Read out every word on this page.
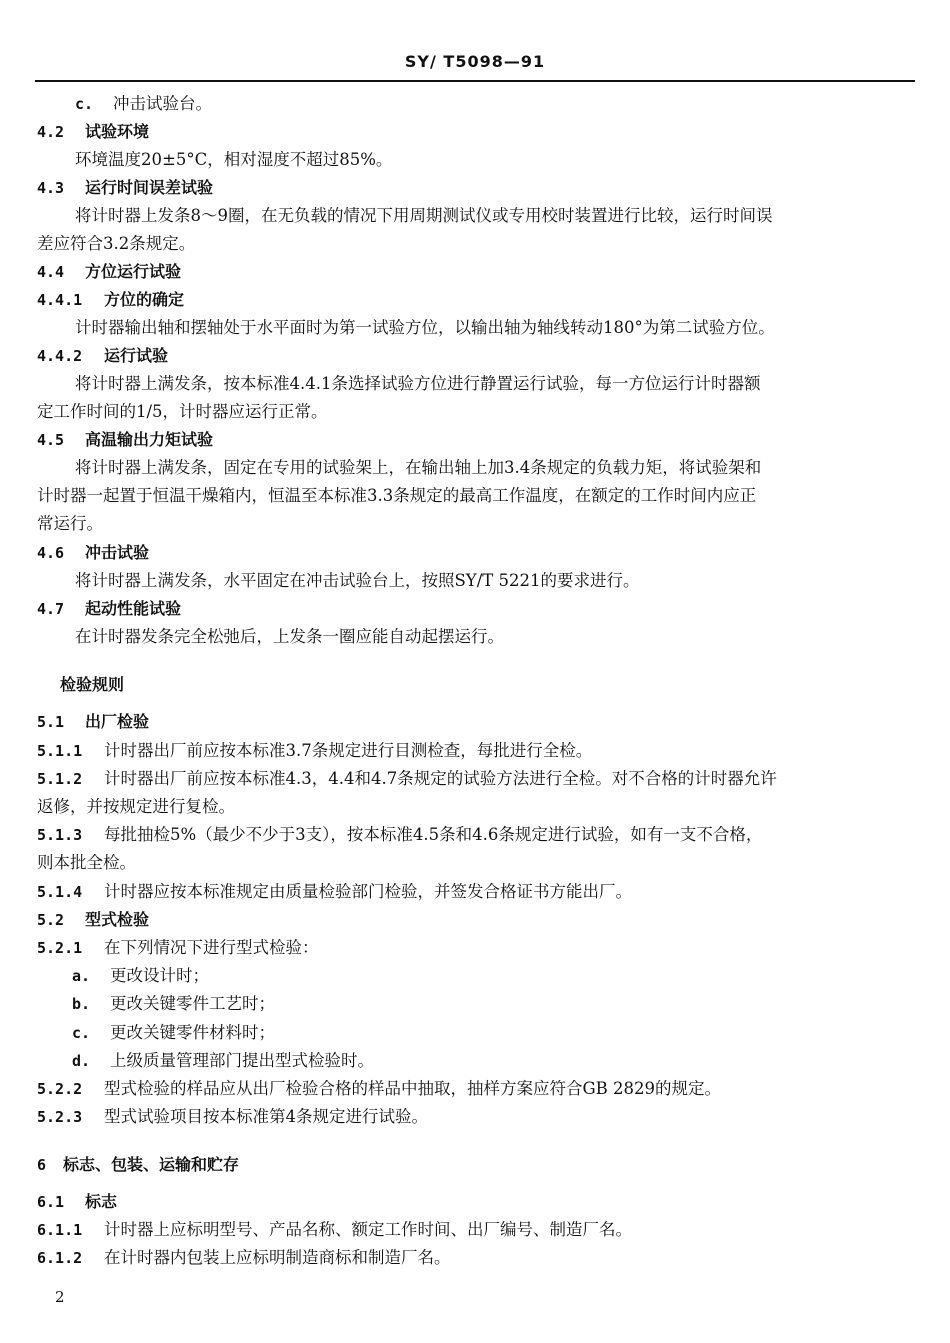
SY/ T5098—91
c. 冲击试验台。
4.2 试验环境
环境温度20±5°C，相对湿度不超过85%。
4.3 运行时间误差试验
将计时器上发条8～9圈，在无负载的情况下用周期测试仪或专用校时装置进行比较，运行时间误
差应符合3.2条规定。
4.4 方位运行试验
4.4.1 方位的确定
计时器输出轴和摆轴处于水平面时为第一试验方位，以输出轴为轴线转动180°为第二试验方位。
4.4.2 运行试验
将计时器上满发条，按本标准4.4.1条选择试验方位进行静置运行试验，每一方位运行计时器额
定工作时间的1/5，计时器应运行正常。
4.5 高温输出力矩试验
将计时器上满发条，固定在专用的试验架上，在输出轴上加3.4条规定的负载力矩，将试验架和
计时器一起置于恒温干燥箱内，恒温至本标准3.3条规定的最高工作温度，在额定的工作时间内应正
常运行。
4.6 冲击试验
将计时器上满发条，水平固定在冲击试验台上，按照SY/T 5221的要求进行。
4.7 起动性能试验
在计时器发条完全松弛后，上发条一圈应能自动起摆运行。
检验规则
5.1 出厂检验
5.1.1 计时器出厂前应按本标准3.7条规定进行目测检查，每批进行全检。
5.1.2 计时器出厂前应按本标准4.3，4.4和4.7条规定的试验方法进行全检。对不合格的计时器允许
返修，并按规定进行复检。
5.1.3 每批抽检5%（最少不少于3支），按本标准4.5条和4.6条规定进行试验，如有一支不合格，
则本批全检。
5.1.4 计时器应按本标准规定由质量检验部门检验，并签发合格证书方能出厂。
5.2 型式检验
5.2.1 在下列情况下进行型式检验：
a. 更改设计时；
b. 更改关键零件工艺时；
c. 更改关键零件材料时；
d. 上级质量管理部门提出型式检验时。
5.2.2 型式检验的样品应从出厂检验合格的样品中抽取，抽样方案应符合GB 2829的规定。
5.2.3 型式试验项目按本标准第4条规定进行试验。
6 标志、包装、运输和贮存
6.1 标志
6.1.1 计时器上应标明型号、产品名称、额定工作时间、出厂编号、制造厂名。
6.1.2 在计时器内包装上应标明制造商标和制造厂名。
2
